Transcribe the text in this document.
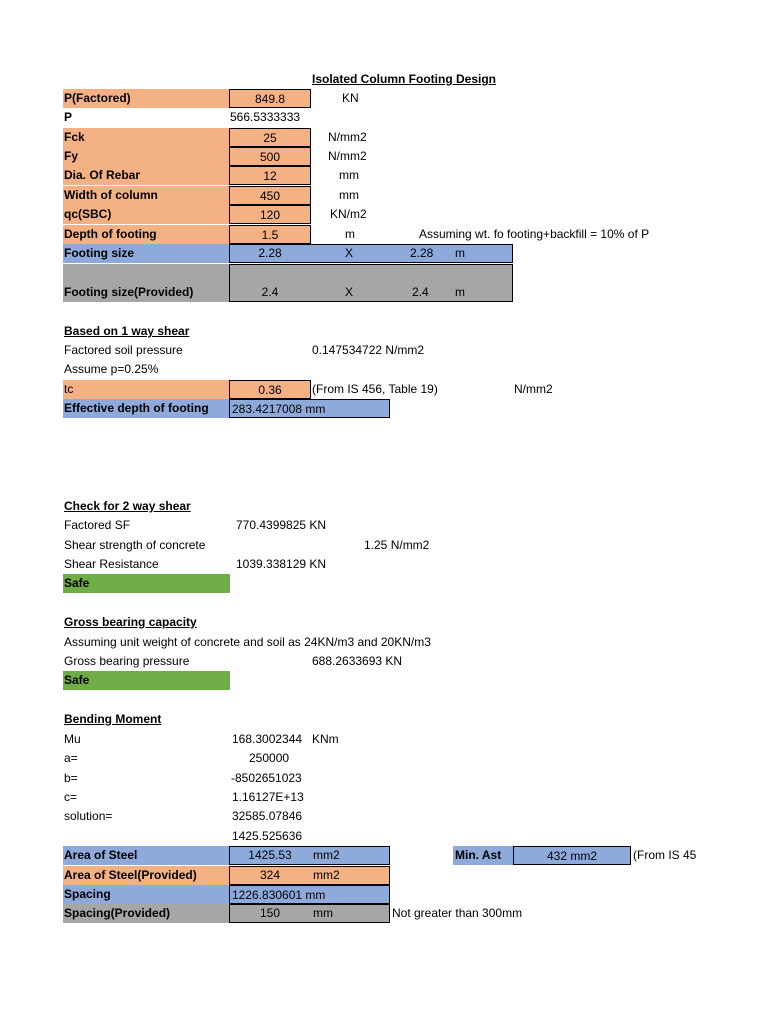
Isolated Column Footing Design
P(Factored)	849.8	KN
P	566.5333333
Fck	25	N/mm2
Fy	500	N/mm2
Dia. Of Rebar	12	mm
Width of column	450	mm
qc(SBC)	120	KN/m2
Depth of footing	1.5	m	Assuming wt. fo footing+backfill = 10% of P
Footing size	2.28	X	2.28	m
Footing size(Provided)	2.4	X	2.4	m
Based on 1 way shear
Factored soil pressure	0.147534722 N/mm2
Assume p=0.25%
tc	0.36	(From IS 456, Table 19)	N/mm2
Effective depth of footing	283.4217008 mm
Check for 2 way shear
Factored SF	770.4399825 KN
Shear strength of concrete	1.25 N/mm2
Shear Resistance	1039.338129 KN
Safe
Gross bearing capacity
Assuming unit weight of concrete and soil as 24KN/m3 and 20KN/m3
Gross bearing pressure	688.2633693 KN
Safe
Bending Moment
Mu	168.3002344 KNm
a=	250000
b=	-8502651023
c=	1.16127E+13
solution=	32585.07846
1425.525636
Area of Steel	1425.53	mm2	Min. Ast	432 mm2	(From IS 45
Area of Steel(Provided)	324	mm2
Spacing	1226.830601 mm
Spacing(Provided)	150	mm	Not greater than 300mm
